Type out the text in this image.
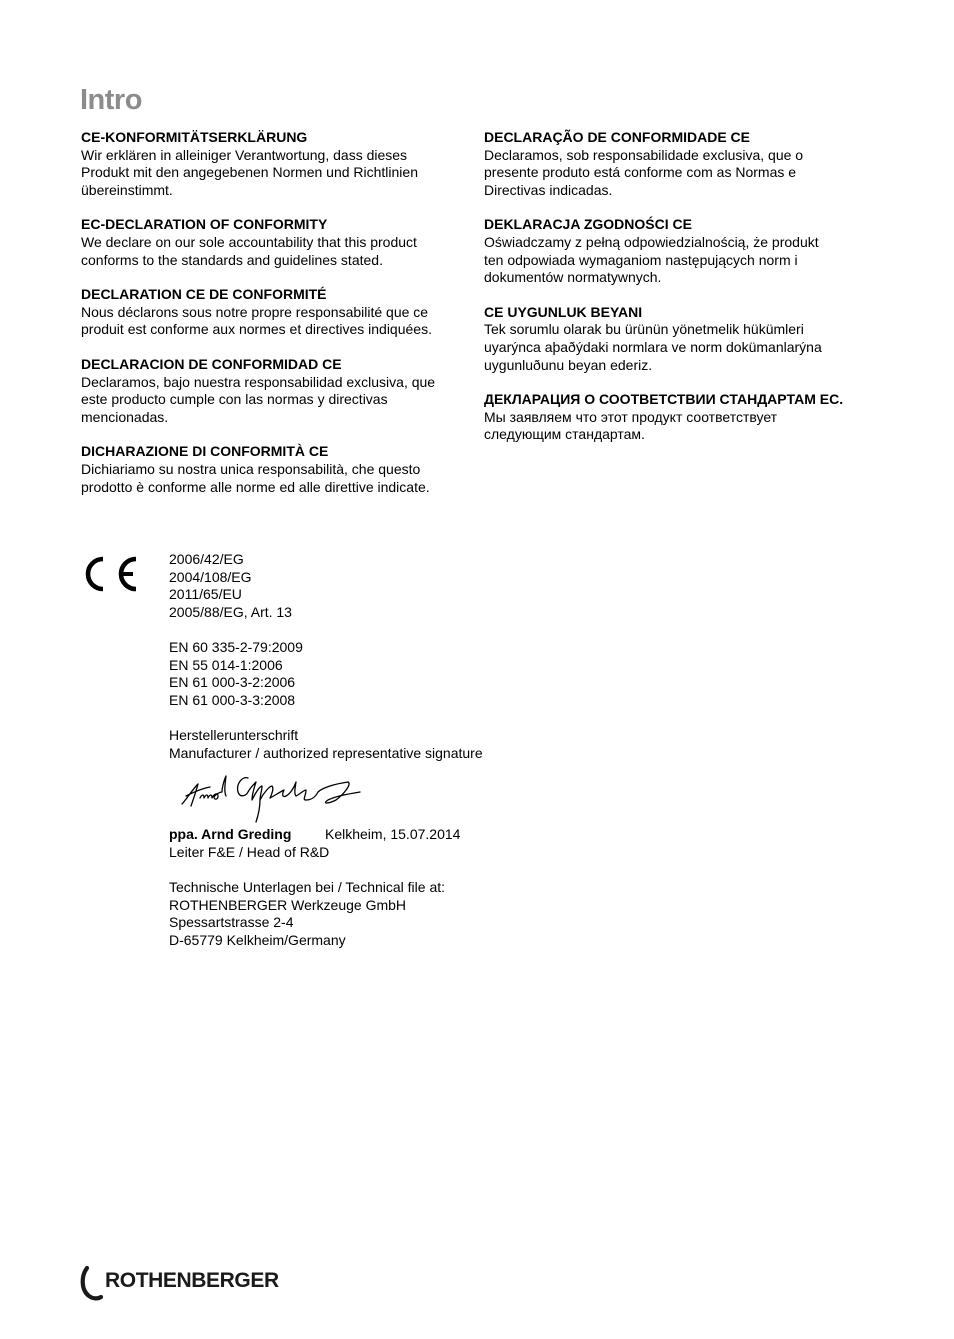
Intro
CE-KONFORMITÄTSERKLÄRUNG
Wir erklären in alleiniger Verantwortung, dass dieses
Produkt mit den angegebenen Normen und Richtlinien
übereinstimmt.
EC-DECLARATION OF CONFORMITY
We declare on our sole accountability that this product
conforms to the standards and guidelines stated.
DECLARATION CE DE CONFORMITÉ
Nous déclarons sous notre propre responsabilité que ce
produit est conforme aux normes et directives indiquées.
DECLARACION DE CONFORMIDAD CE
Declaramos, bajo nuestra responsabilidad exclusiva, que
este producto cumple con las normas y directivas
mencionadas.
DICHARAZIONE DI CONFORMITÀ CE
Dichiariamo su nostra unica responsabilità, che questo
prodotto è conforme alle norme ed alle direttive indicate.
DECLARAÇÃO DE CONFORMIDADE CE
Declaramos, sob responsabilidade exclusiva, que o
presente produto está conforme com as Normas e
Directivas indicadas.
DEKLARACJA ZGODNOŚCI CE
Oświadczamy z pełną odpowiedzialnością, że produkt
ten odpowiada wymaganiom następujących norm i
dokumentów normatywnych.
CE UYGUNLUK BEYANI
Tek sorumlu olarak bu ürünün yönetmelik hükümleri
uyarýnca aþaðýdaki normlara ve norm dokümanlarýna
uygunluðunu beyan ederiz.
ДЕКЛАРАЦИЯ О СООТВЕТСТВИИ СТАНДАРТАМ ЕС.
Мы заявляем что этот продукт соответствует
следующим стандартам.
2006/42/EG
2004/108/EG
2011/65/EU
2005/88/EG, Art. 13
EN 60 335-2-79:2009
EN 55 014-1:2006
EN 61 000-3-2:2006
EN 61 000-3-3:2008
Herstellerunterschrift
Manufacturer / authorized representative signature
ppa. Arnd Greding Kelkheim, 15.07.2014
Leiter F&E / Head of R&D
Technische Unterlagen bei / Technical file at:
ROTHENBERGER Werkzeuge GmbH
Spessartstrasse 2-4
D-65779 Kelkheim/Germany
ROTHENBERGER
